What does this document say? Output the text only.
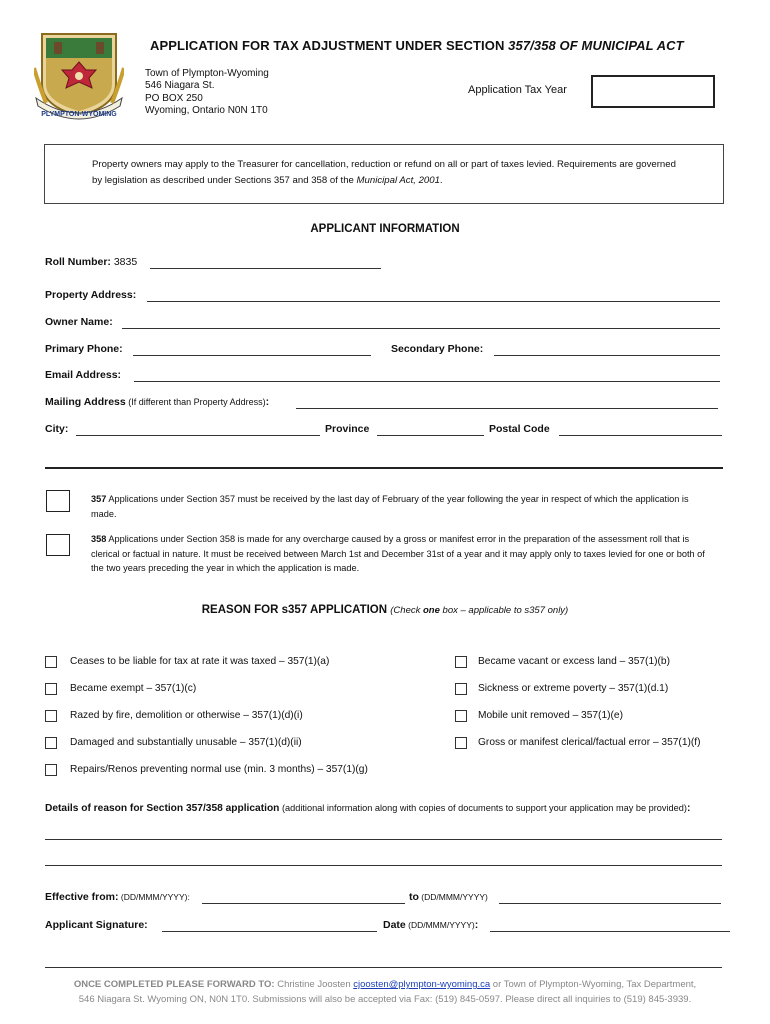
PLYMPTON-WYOMING
APPLICATION FOR TAX ADJUSTMENT UNDER SECTION 357/358 OF MUNICIPAL ACT
Town of Plympton-Wyoming
546 Niagara St.
PO BOX 250
Wyoming, Ontario N0N 1T0
Application Tax Year
Property owners may apply to the Treasurer for cancellation, reduction or refund on all or part of taxes levied. Requirements are governed by legislation as described under Sections 357 and 358 of the Municipal Act, 2001.
APPLICANT INFORMATION
Roll Number: 3835
Property Address:
Owner Name:
Primary Phone:	Secondary Phone:
Email Address:
Mailing Address (If different than Property Address):
City:	Province	Postal Code
357 Applications under Section 357 must be received by the last day of February of the year following the year in respect of which the application is made.
358 Applications under Section 358 is made for any overcharge caused by a gross or manifest error in the preparation of the assessment roll that is clerical or factual in nature. It must be received between March 1st and December 31st of a year and it may apply only to taxes levied for one or both of the two years preceding the year in which the application is made.
REASON FOR s357 APPLICATION (Check one box – applicable to s357 only)
Ceases to be liable for tax at rate it was taxed – 357(1)(a)
Became exempt – 357(1)(c)
Razed by fire, demolition or otherwise – 357(1)(d)(i)
Damaged and substantially unusable – 357(1)(d)(ii)
Repairs/Renos preventing normal use (min. 3 months) – 357(1)(g)
Became vacant or excess land – 357(1)(b)
Sickness or extreme poverty – 357(1)(d.1)
Mobile unit removed – 357(1)(e)
Gross or manifest clerical/factual error – 357(1)(f)
Details of reason for Section 357/358 application (additional information along with copies of documents to support your application may be provided):
Effective from: (DD/MMM/YYYY):	to (DD/MMM/YYYY)
Applicant Signature:	Date (DD/MMM/YYYY):
ONCE COMPLETED PLEASE FORWARD TO: Christine Joosten cjoosten@plympton-wyoming.ca or Town of Plympton-Wyoming, Tax Department,
546 Niagara St. Wyoming ON, N0N 1T0. Submissions will also be accepted via Fax: (519) 845-0597. Please direct all inquiries to (519) 845-3939.
